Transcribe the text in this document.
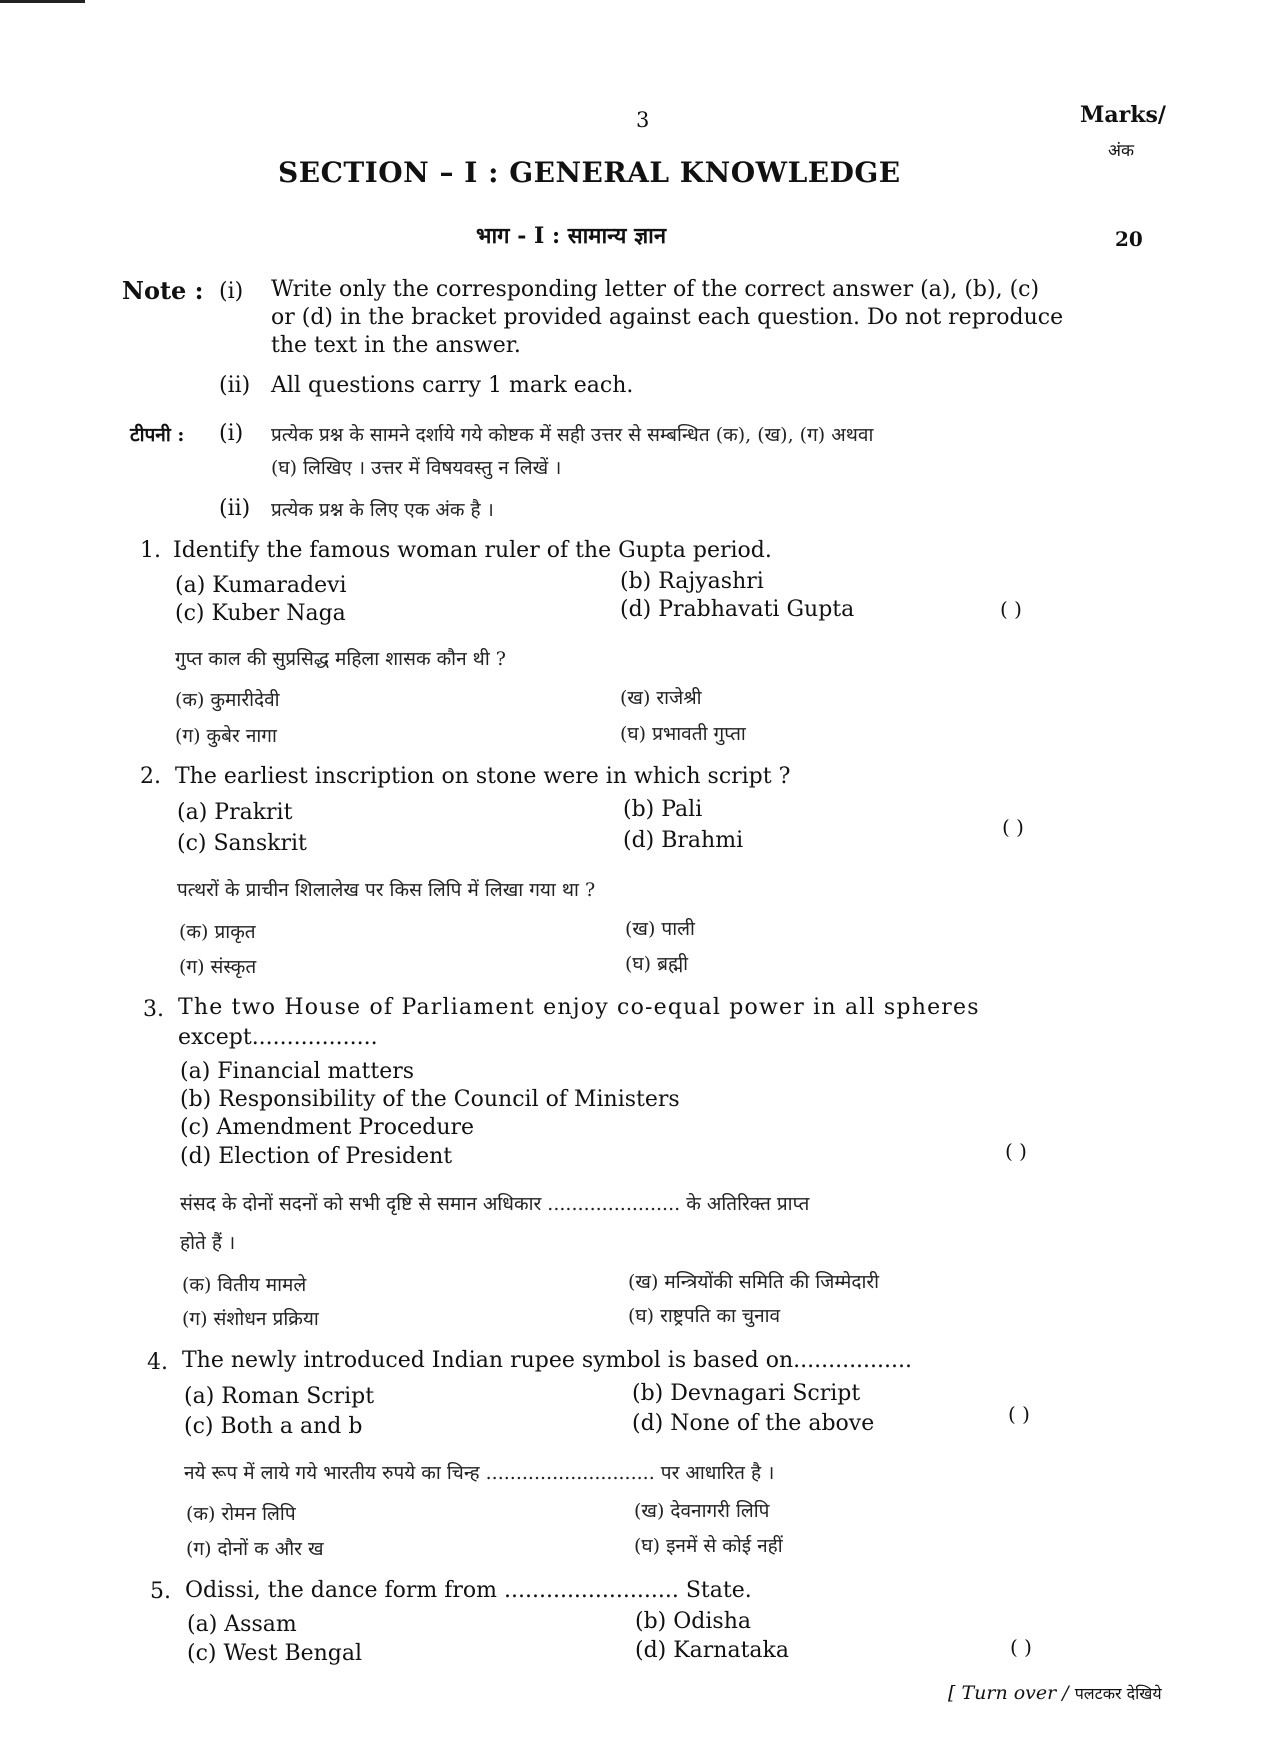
3	Marks/
अंक
SECTION – I : GENERAL KNOWLEDGE
भाग - I : सामान्य ज्ञान	20
Note : (i) Write only the corresponding letter of the correct answer (a), (b), (c)
or (d) in the bracket provided against each question. Do not reproduce
the text in the answer.
(ii) All questions carry 1 mark each.
टीपनी : (i) प्रत्येक प्रश्न के सामने दर्शाये गये कोष्टक में सही उत्तर से सम्बन्धित (क), (ख), (ग) अथवा
(घ) लिखिए । उत्तर में विषयवस्तु न लिखें ।
(ii) प्रत्येक प्रश्न के लिए एक अंक है ।
1. Identify the famous woman ruler of the Gupta period.
(a) Kumaradevi	(b) Rajyashri
(c) Kuber Naga	(d) Prabhavati Gupta	( )
गुप्त काल की सुप्रसिद्ध महिला शासक कौन थी ?
(क) कुमारीदेवी	(ख) राजेश्री
(ग) कुबेर नागा	(घ) प्रभावती गुप्ता
2. The earliest inscription on stone were in which script ?
(a) Prakrit	(b) Pali
(c) Sanskrit	(d) Brahmi
( )
पत्थरों के प्राचीन शिलालेख पर किस लिपि में लिखा गया था ?
(क) प्राकृत	(ख) पाली
(ग) संस्कृत	(घ) ब्रह्मी
3. The two House of Parliament enjoy co-equal power in all spheres
except..................
(a) Financial matters
(b) Responsibility of the Council of Ministers
(c) Amendment Procedure
(d) Election of President	( )
संसद के दोनों सदनों को सभी दृष्टि से समान अधिकार ...................... के अतिरिक्त प्राप्त
होते हैं ।
(क) वितीय मामले	(ख) मन्त्रियोंकी समिति की जिम्मेदारी
(ग) संशोधन प्रक्रिया	(घ) राष्ट्रपति का चुनाव
4. The newly introduced Indian rupee symbol is based on.................
(a) Roman Script	(b) Devnagari Script
(c) Both a and b	(d) None of the above	( )
नये रूप में लाये गये भारतीय रुपये का चिन्ह ............................ पर आधारित है ।
(क) रोमन लिपि	(ख) देवनागरी लिपि
(ग) दोनों क और ख	(घ) इनमें से कोई नहीं
5. Odissi, the dance form from ......................... State.
(a) Assam	(b) Odisha
(c) West Bengal	(d) Karnataka	( )
[ Turn over / पलटकर देखिये
